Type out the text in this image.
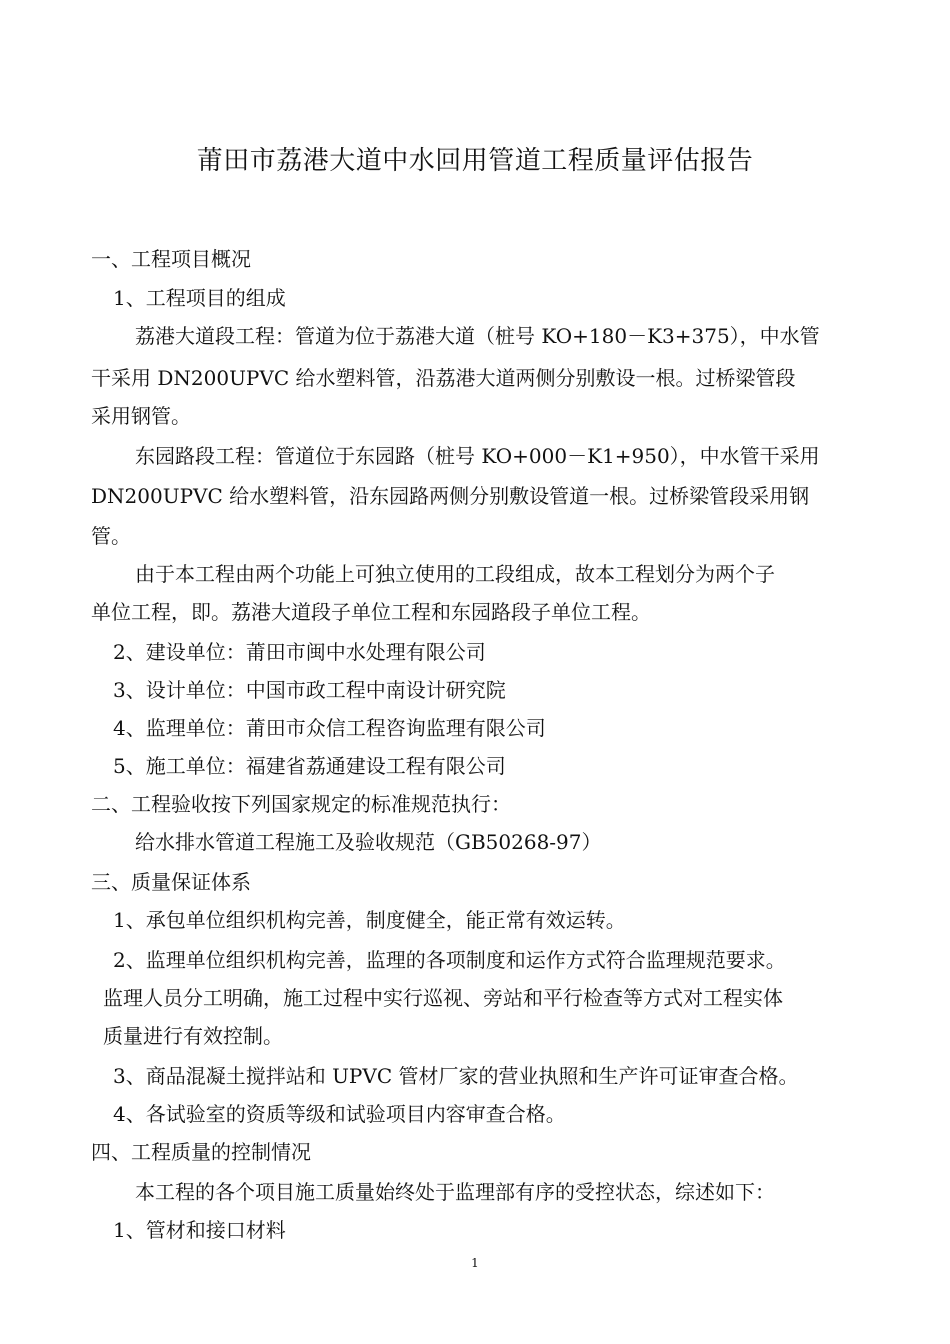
莆田市荔港大道中水回用管道工程质量评估报告
一、工程项目概况
1、工程项目的组成
荔港大道段工程：管道为位于荔港大道（桩号 KO+180－K3+375），中水管
干采用 DN200UPVC 给水塑料管，沿荔港大道两侧分别敷设一根。过桥梁管段
采用钢管。
东园路段工程：管道位于东园路（桩号 KO+000－K1+950），中水管干采用
DN200UPVC 给水塑料管，沿东园路两侧分别敷设管道一根。过桥梁管段采用钢
管。
由于本工程由两个功能上可独立使用的工段组成，故本工程划分为两个子
单位工程，即。荔港大道段子单位工程和东园路段子单位工程。
2、建设单位：莆田市闽中水处理有限公司
3、设计单位：中国市政工程中南设计研究院
4、监理单位：莆田市众信工程咨询监理有限公司
5、施工单位：福建省荔通建设工程有限公司
二、工程验收按下列国家规定的标准规范执行：
给水排水管道工程施工及验收规范（GB50268-97）
三、质量保证体系
1、承包单位组织机构完善，制度健全，能正常有效运转。
2、监理单位组织机构完善，监理的各项制度和运作方式符合监理规范要求。
监理人员分工明确，施工过程中实行巡视、旁站和平行检查等方式对工程实体
质量进行有效控制。
3、商品混凝土搅拌站和 UPVC 管材厂家的营业执照和生产许可证审查合格。
4、各试验室的资质等级和试验项目内容审查合格。
四、工程质量的控制情况
本工程的各个项目施工质量始终处于监理部有序的受控状态，综述如下：
1、管材和接口材料
1
